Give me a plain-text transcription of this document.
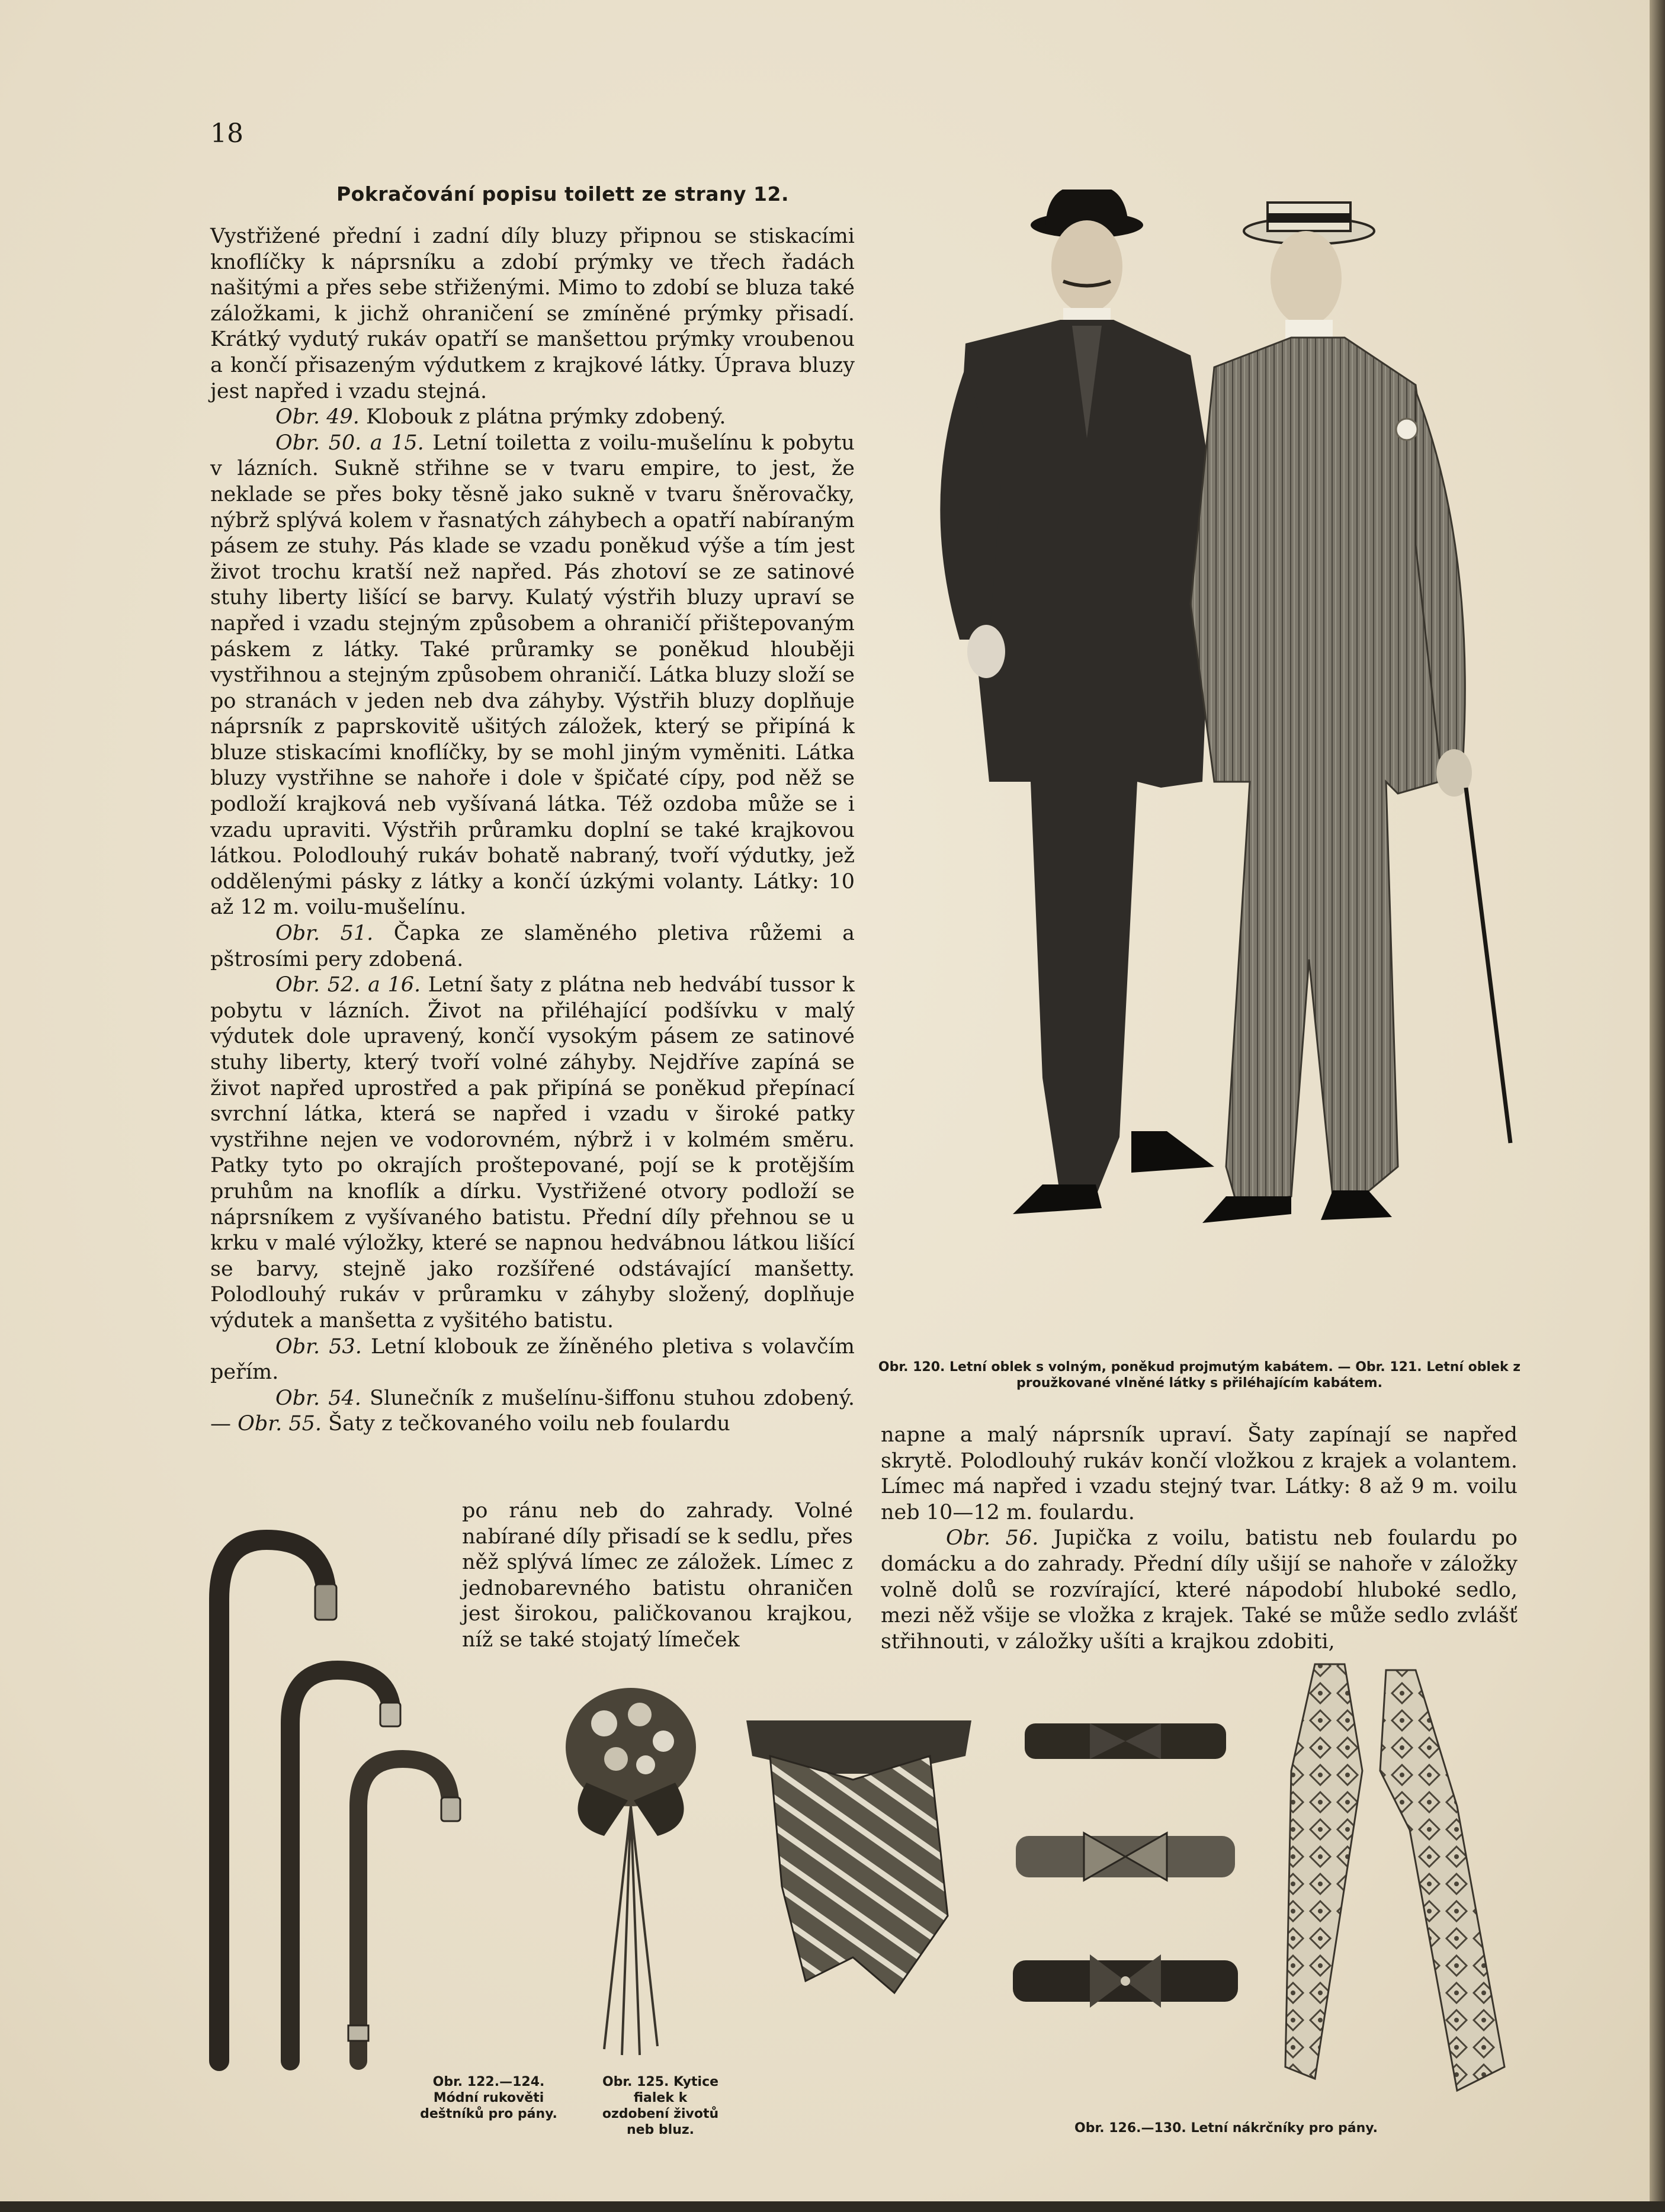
18
Pokračování popisu toilett ze strany 12.

Vystřižené přední i zadní díly bluzy připnou se stiskacími knoflíčky k náprsníku a zdobí prýmky ve třech řadách našitými a přes sebe střiženými. Mimo to zdobí se bluza také záložkami, k jichž ohraničení se zmíněné prýmky přisadí. Krátký vydutý rukáv opatří se manšettou prýmky vroubenou a končí přisazeným výdutkem z krajkové látky. Úprava bluzy jest napřed i vzadu stejná.

Obr. 49. Klobouk z plátna prýmky zdobený.

Obr. 50. a 15. Letní toiletta z voilu-mušelínu k pobytu v lázních. Sukně střihne se v tvaru empire, to jest, že neklade se přes boky těsně jako sukně v tvaru šněrovačky, nýbrž splývá kolem v řasnatých záhybech a opatří nabíraným pásem ze stuhy. Pás klade se vzadu poněkud výše a tím jest život trochu kratší než napřed. Pás zhotoví se ze satinové stuhy liberty lišící se barvy. Kulatý výstřih bluzy upraví se napřed i vzadu stejným způsobem a ohraničí přištepovaným páskem z látky. Také průramky se poněkud hlouběji vystřihnou a stejným způsobem ohraničí. Látka bluzy složí se po stranách v jeden neb dva záhyby. Výstřih bluzy doplňuje náprsník z paprskovitě ušitých záložek, který se připíná k bluze stiskacími knoflíčky, by se mohl jiným vyměniti. Látka bluzy vystřihne se nahoře i dole v špičaté cípy, pod něž se podloží krajková neb vyšívaná látka. Též ozdoba může se i vzadu upraviti. Výstřih průramku doplní se také krajkovou látkou. Polodlouhý rukáv bohatě nabraný, tvoří výdutky, jež oddělenými pásky z látky a končí úzkými volanty. Látky: 10 až 12 m. voilu-mušelínu.

Obr. 51. Čapka ze slaměného pletiva růžemi a pštrosími pery zdobená.

Obr. 52. a 16. Letní šaty z plátna neb hedvábí tussor k pobytu v lázních. Život na přiléhající podšívku v malý výdutek dole upravený, končí vysokým pásem ze satinové stuhy liberty, který tvoří volné záhyby. Nejdříve zapíná se život napřed uprostřed a pak připíná se poněkud přepínací svrchní látka, která se napřed i vzadu v široké patky vystřihne nejen ve vodorovném, nýbrž i v kolmém směru. Patky tyto po okrajích proštepované, pojí se k protějším pruhům na knoflík a dírku. Vystřižené otvory podloží se náprsníkem z vyšívaného batistu. Přední díly přehnou se u krku v malé výložky, které se napnou hedvábnou látkou lišící se barvy, stejně jako rozšířené odstávající manšetty. Polodlouhý rukáv v průramku v záhyby složený, doplňuje výdutek a manšetta z vyšitého batistu.

Obr. 53. Letní klobouk ze žíněného pletiva s volavčím peřím.

Obr. 54. Slunečník z mušelínu-šiffonu stuhou zdobený. — Obr. 55. Šaty z tečkovaného voilu neb foulardu

po ránu neb do zahrady. Volné nabírané díly přisadí se k sedlu, přes něž splývá límec ze záložek. Límec z jednobarevného batistu ohraničen jest širokou, paličkovanou krajkou, níž se také stojatý límeček

napne a malý náprsník upraví. Šaty zapínají se napřed skrytě. Polodlouhý rukáv končí vložkou z krajek a volantem. Límec má napřed i vzadu stejný tvar. Látky: 8 až 9 m. voilu neb 10—12 m. foulardu.

Obr. 56. Jupička z voilu, batistu neb foulardu po domácku a do zahrady. Přední díly ušijí se nahoře v záložky volně dolů se rozvírající, které nápodobí hluboké sedlo, mezi něž všije se vložka z krajek. Také se může sedlo zvlášť střihnouti, v záložky ušíti a krajkou zdobiti,

Obr. 120. Letní oblek s volným, poněkud projmutým kabátem. — Obr. 121. Letní oblek z proužkované vlněné látky s přiléhajícím kabátem.
Obr. 122.—124. Módní rukověti deštníků pro pány.
Obr. 125. Kytice fialek k ozdobení životů neb bluz.	Obr. 126.—130. Letní nákrčníky pro pány.
